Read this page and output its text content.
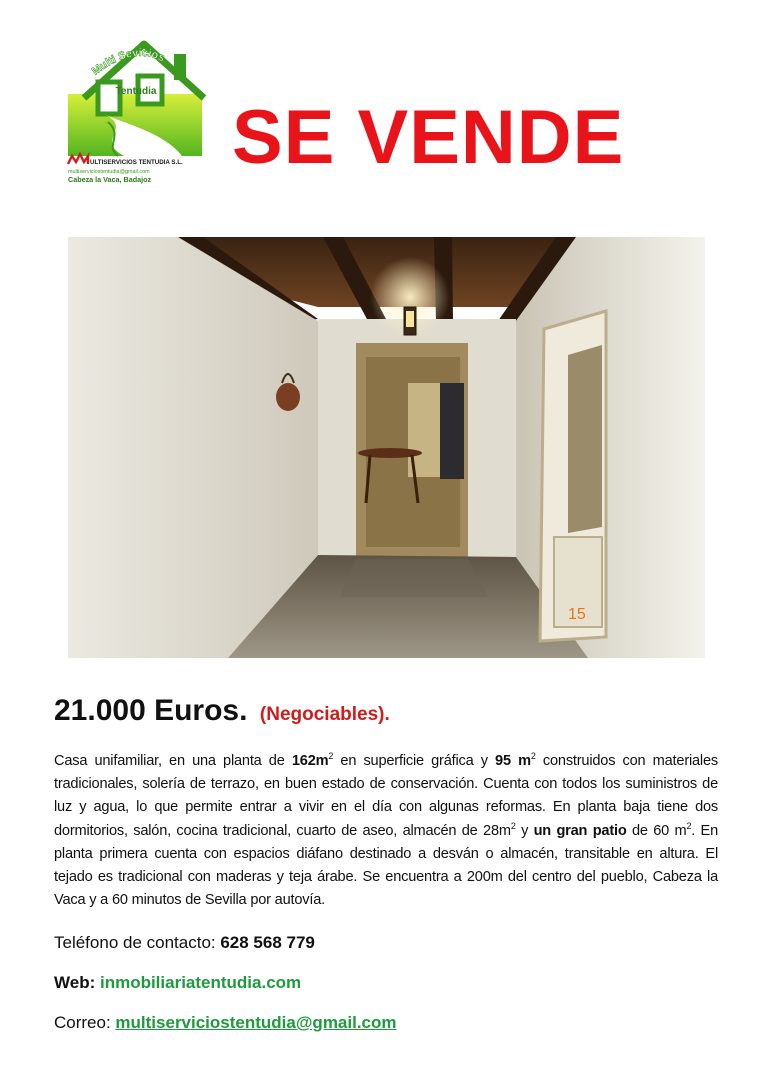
Multi Sevicios
Tentudia
ULTISERVICIOS TENTUDIA S.L.
multiserviciostentudia@gmail.com
Cabeza la Vaca, Badajoz SE VENDE
15
21.000 Euros. (Negociables).

Casa unifamiliar, en una planta de $162m^2$ en superficie gráfica y 95 $m^2$ construidos con materiales tradicionales, solería de terrazo, en buen estado de conservación. Cuenta con todos los suministros de luz y agua, lo que permite entrar a vivir en el día con algunas reformas. En planta baja tiene dos dormitorios, salón, cocina tradicional, cuarto de aseo, almacén de $28m^2$ y un gran patio de 60 $m^2$. En planta primera cuenta con espacios diáfano destinado a desván o almacén, transitable en altura. El tejado es tradicional con maderas y teja árabe. Se encuentra a 200m del centro del pueblo, Cabeza la Vaca y a 60 minutos de Sevilla por autovía.

Teléfono de contacto: 628 568 779
Web: inmobiliariatentudia.com
Correo: multiserviciostentudia@gmail.com
